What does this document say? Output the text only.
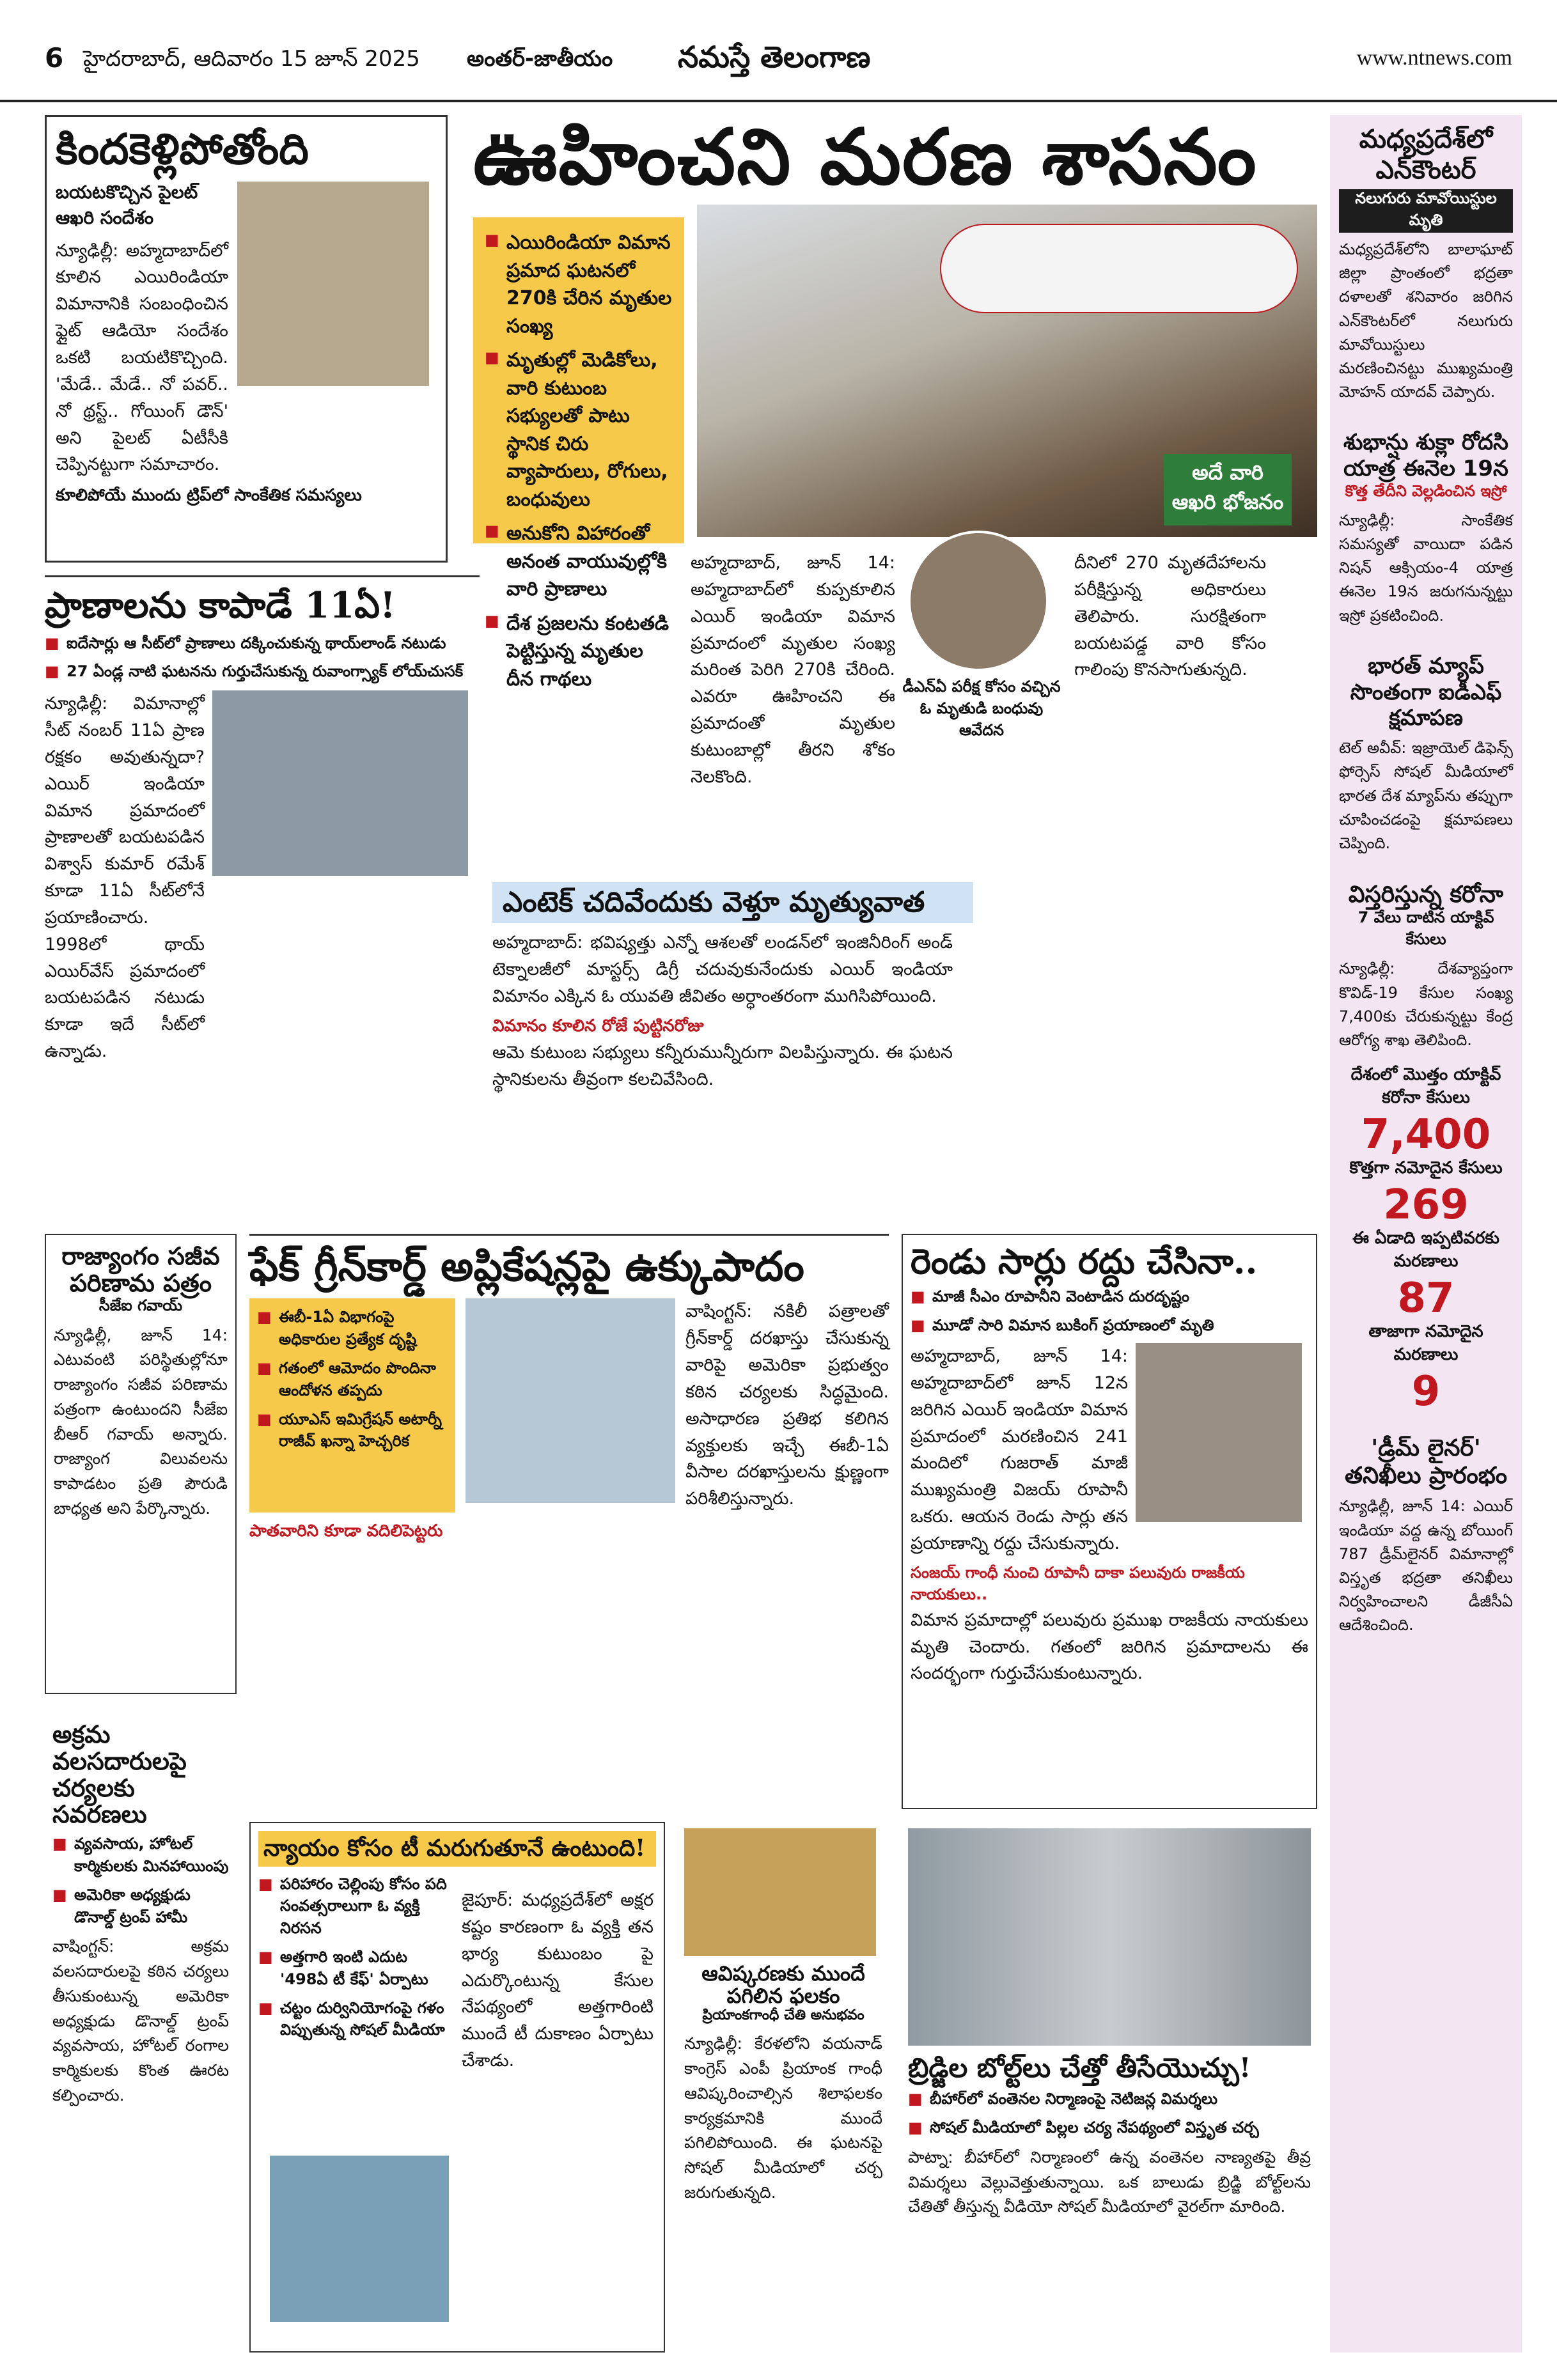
6 హైదరాబాద్, ఆదివారం 15 జూన్ 2025 అంతర్-జాతీయం నమస్తే తెలంగాణ	www.ntnews.com
కిందకెళ్లిపోతోంది
బయటకొచ్చిన పైలట్ ఆఖరి సందేశం
న్యూఢిల్లీ: అహ్మదాబాద్‌లో కూలిన ఎయిరిండియా విమానానికి సంబంధించిన ఫ్లైట్ ఆడియో సందేశం ఒకటి బయటికొచ్చింది. 'మేడే.. మేడే.. నో పవర్.. నో థ్రస్ట్.. గోయింగ్ డౌన్' అని పైలట్ ఏటీసీకి చెప్పినట్టుగా సమాచారం.
కూలిపోయే ముందు ట్రిప్‌లో సాంకేతిక సమస్యలు
ఊహించని మరణ శాసనం
■ ఎయిరిండియా విమాన ప్రమాద ఘటనలో 270కి చేరిన మృతుల సంఖ్య
■ మృతుల్లో మెడికోలు, వారి కుటుంబ సభ్యులతో పాటు స్థానిక చిరు వ్యాపారులు, రోగులు, బంధువులు
■ అనుకోని విహారంతో అనంత వాయువుల్లోకి వారి ప్రాణాలు
■ దేశ ప్రజలను కంటతడి పెట్టిస్తున్న మృతుల దీన గాథలు
అదే వారి ఆఖరి భోజనం
అహ్మదాబాద్, జూన్ 14: అహ్మదాబాద్‌లో కుప్పకూలిన ఎయిర్ ఇండియా విమాన ప్రమాదంలో మృతుల సంఖ్య మరింత పెరిగి 270కి చేరింది. ఎవరూ ఊహించని ఈ ప్రమాదంతో మృతుల కుటుంబాల్లో తీరని శోకం నెలకొంది.
డీఎన్‌ఏ పరీక్ష కోసం వచ్చిన ఓ మృతుడి బంధువు ఆవేదన
దీనిలో 270 మృతదేహాలను పరీక్షిస్తున్న అధికారులు తెలిపారు. సురక్షితంగా బయటపడ్డ వారి కోసం గాలింపు కొనసాగుతున్నది.
ప్రాణాలను కాపాడే 11ఏ!
■ ఐదేసార్లు ఆ సీట్‌లో ప్రాణాలు దక్కించుకున్న థాయ్‌లాండ్ నటుడు
■ 27 ఏండ్ల నాటి ఘటనను గుర్తుచేసుకున్న రువాంగ్స్యాక్ లోయ్‌చుసక్
న్యూఢిల్లీ: విమానాల్లో సీట్ నంబర్ 11ఏ ప్రాణ రక్షకం అవుతున్నదా? ఎయిర్ ఇండియా విమాన ప్రమాదంలో ప్రాణాలతో బయటపడిన విశ్వాస్ కుమార్ రమేశ్ కూడా 11ఏ సీట్‌లోనే ప్రయాణించారు. 1998లో థాయ్ ఎయిర్‌వేస్ ప్రమాదంలో బయటపడిన నటుడు కూడా ఇదే సీట్‌లో ఉన్నాడు.
ఎంటెక్ చదివేందుకు వెళ్తూ మృత్యువాత
అహ్మదాబాద్: భవిష్యత్తు ఎన్నో ఆశలతో లండన్‌లో ఇంజినీరింగ్ అండ్ టెక్నాలజీలో మాస్టర్స్ డిగ్రీ చదువుకునేందుకు ఎయిర్ ఇండియా విమానం ఎక్కిన ఓ యువతి జీవితం అర్ధాంతరంగా ముగిసిపోయింది.
విమానం కూలిన రోజే పుట్టినరోజు
ఆమె కుటుంబ సభ్యులు కన్నీరుమున్నీరుగా విలపిస్తున్నారు. ఈ ఘటన స్థానికులను తీవ్రంగా కలచివేసింది.
మధ్యప్రదేశ్‌లో ఎన్‌కౌంటర్
నలుగురు మావోయిస్టుల మృతి
మధ్యప్రదేశ్‌లోని బాలాఘాట్ జిల్లా ప్రాంతంలో భద్రతా దళాలతో శనివారం జరిగిన ఎన్‌కౌంటర్‌లో నలుగురు మావోయిస్టులు మరణించినట్టు ముఖ్యమంత్రి మోహన్ యాదవ్ చెప్పారు.
శుభాన్షు శుక్లా రోదసి యాత్ర ఈనెల 19న
కొత్త తేదీని వెల్లడించిన ఇస్రో
న్యూఢిల్లీ: సాంకేతిక సమస్యతో వాయిదా పడిన నిషన్ ఆక్సియం-4 యాత్ర ఈనెల 19న జరుగనున్నట్టు ఇస్రో ప్రకటించింది.
భారత్ మ్యాప్‌ సొంతంగా ఐడీఎఫ్ క్షమాపణ
టెల్ అవీవ్: ఇజ్రాయెల్ డిఫెన్స్ ఫోర్సెస్ సోషల్ మీడియాలో భారత దేశ మ్యాప్‌ను తప్పుగా చూపించడంపై క్షమాపణలు చెప్పింది.
విస్తరిస్తున్న కరోనా
7 వేలు దాటిన యాక్టివ్ కేసులు
న్యూఢిల్లీ: దేశవ్యాప్తంగా కొవిడ్-19 కేసుల సంఖ్య 7,400కు చేరుకున్నట్టు కేంద్ర ఆరోగ్య శాఖ తెలిపింది.
దేశంలో మొత్తం యాక్టివ్ కరోనా కేసులు
7,400
కొత్తగా నమోదైన కేసులు
269
ఈ ఏడాది ఇప్పటివరకు మరణాలు
87
తాజాగా నమోదైన మరణాలు
9
'డ్రీమ్ లైనర్' తనిఖీలు ప్రారంభం
న్యూఢిల్లీ, జూన్ 14: ఎయిర్ ఇండియా వద్ద ఉన్న బోయింగ్ 787 డ్రీమ్‌లైనర్ విమానాల్లో విస్తృత భద్రతా తనిఖీలు నిర్వహించాలని డీజీసీఏ ఆదేశించింది.
రాజ్యాంగం సజీవ పరిణామ పత్రం
సీజేఐ గవాయ్
న్యూఢిల్లీ, జూన్ 14: ఎటువంటి పరిస్థితుల్లోనూ రాజ్యాంగం సజీవ పరిణామ పత్రంగా ఉంటుందని సీజేఐ బీఆర్ గవాయ్ అన్నారు. రాజ్యాంగ విలువలను కాపాడటం ప్రతి పౌరుడి బాధ్యత అని పేర్కొన్నారు.
అక్రమ వలసదారులపై చర్యలకు సవరణలు
■ వ్యవసాయ, హోటల్ కార్మికులకు మినహాయింపు
■ అమెరికా అధ్యక్షుడు డొనాల్డ్ ట్రంప్ హామీ
వాషింగ్టన్: అక్రమ వలసదారులపై కఠిన చర్యలు తీసుకుంటున్న అమెరికా అధ్యక్షుడు డొనాల్డ్ ట్రంప్ వ్యవసాయ, హోటల్ రంగాల కార్మికులకు కొంత ఊరట కల్పించారు.
ఫేక్ గ్రీన్‌కార్డ్ అప్లికేషన్లపై ఉక్కుపాదం
■ ఈబీ-1ఏ విభాగంపై అధికారుల ప్రత్యేక దృష్టి
■ గతంలో ఆమోదం పొందినా ఆందోళన తప్పదు
■ యూఎస్ ఇమిగ్రేషన్ అటార్నీ రాజీవ్ ఖన్నా హెచ్చరిక
వాషింగ్టన్: నకిలీ పత్రాలతో గ్రీన్‌కార్డ్ దరఖాస్తు చేసుకున్న వారిపై అమెరికా ప్రభుత్వం కఠిన చర్యలకు సిద్ధమైంది. అసాధారణ ప్రతిభ కలిగిన వ్యక్తులకు ఇచ్చే ఈబీ-1ఏ వీసాల దరఖాస్తులను క్షుణ్ణంగా పరిశీలిస్తున్నారు.
పాతవారిని కూడా వదిలిపెట్టరు
రెండు సార్లు రద్దు చేసినా..
■ మాజీ సీఎం రూపానీని వెంటాడిన దురదృష్టం
■ మూడో సారి విమాన బుకింగ్ ప్రయాణంలో మృతి
అహ్మదాబాద్, జూన్ 14: అహ్మదాబాద్‌లో జూన్ 12న జరిగిన ఎయిర్ ఇండియా విమాన ప్రమాదంలో మరణించిన 241 మందిలో గుజరాత్ మాజీ ముఖ్యమంత్రి విజయ్ రూపానీ ఒకరు. ఆయన రెండు సార్లు తన ప్రయాణాన్ని రద్దు చేసుకున్నారు.
సంజయ్ గాంధీ నుంచి రూపానీ దాకా పలువురు రాజకీయ నాయకులు..
విమాన ప్రమాదాల్లో పలువురు ప్రముఖ రాజకీయ నాయకులు మృతి చెందారు. గతంలో జరిగిన ప్రమాదాలను ఈ సందర్భంగా గుర్తుచేసుకుంటున్నారు.
న్యాయం కోసం టీ మరుగుతూనే ఉంటుంది!
■ పరిహారం చెల్లింపు కోసం పది సంవత్సరాలుగా ఓ వ్యక్తి నిరసన
■ అత్తగారి ఇంటి ఎదుట '498ఏ టీ కేఫ్' ఏర్పాటు
■ చట్టం దుర్వినియోగంపై గళం విప్పుతున్న సోషల్ మీడియా
జైపూర్: మధ్యప్రదేశ్‌లో అక్షర కష్టం కారణంగా ఓ వ్యక్తి తన భార్య కుటుంబం పై ఎదుర్కొంటున్న కేసుల నేపథ్యంలో అత్తగారింటి ముందే టీ దుకాణం ఏర్పాటు చేశాడు.
ఆవిష్కరణకు ముందే పగిలిన ఫలకం
ప్రియాంకగాంధీ చేతి అనుభవం
న్యూఢిల్లీ: కేరళలోని వయనాడ్ కాంగ్రెస్ ఎంపీ ప్రియాంక గాంధీ ఆవిష్కరించాల్సిన శిలాఫలకం కార్యక్రమానికి ముందే పగిలిపోయింది. ఈ ఘటనపై సోషల్ మీడియాలో చర్చ జరుగుతున్నది.
బ్రిడ్జిల బోల్ట్‌లు చేత్తో తీసేయొచ్చు!
■ బీహార్‌లో వంతెనల నిర్మాణంపై నెటిజన్ల విమర్శలు
■ సోషల్ మీడియాలో పిల్లల చర్య నేపథ్యంలో విస్తృత చర్చ
పాట్నా: బీహార్‌లో నిర్మాణంలో ఉన్న వంతెనల నాణ్యతపై తీవ్ర విమర్శలు వెల్లువెత్తుతున్నాయి. ఒక బాలుడు బ్రిడ్జి బోల్ట్‌లను చేతితో తీస్తున్న వీడియో సోషల్ మీడియాలో వైరల్‌గా మారింది.
